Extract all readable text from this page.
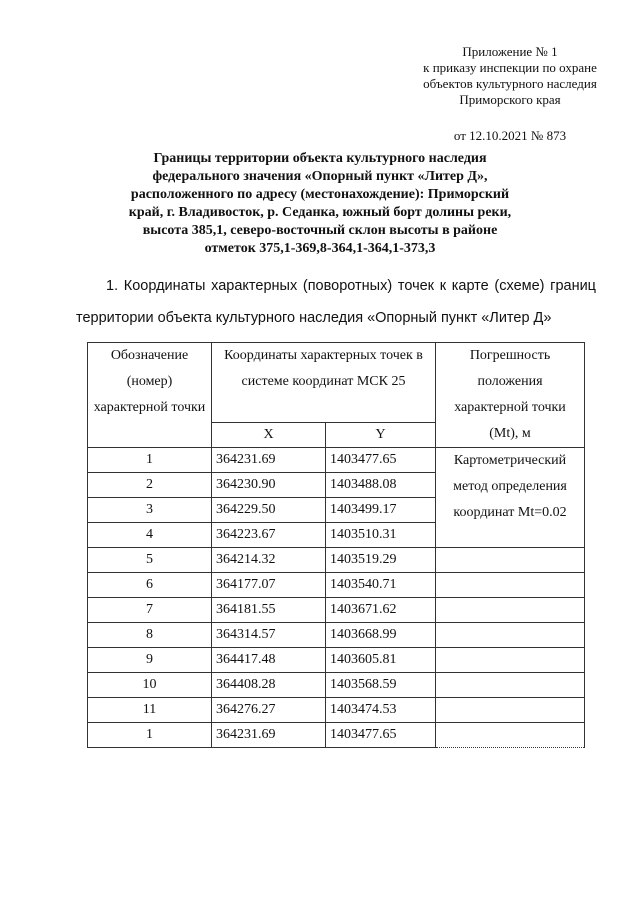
Приложение № 1
к приказу инспекции по охране
объектов культурного наследия
Приморского края
от 12.10.2021 № 873
Границы территории объекта культурного наследия
федерального значения «Опорный пункт «Литер Д»,
расположенного по адресу (местонахождение): Приморский
край, г. Владивосток, р. Седанка, южный борт долины реки,
высота 385,1, северо-восточный склон высоты в районе
отметок 375,1-369,8-364,1-364,1-373,3
1. Координаты характерных (поворотных) точек к карте (схеме) границ
территории объекта культурного наследия «Опорный пункт «Литер Д»
Обозначение (номер) характерной точки	Координаты характерных точек в системе координат МСК 25		Погрешность положения характерной точки (Mt), м
	X	Y	
1	364231.69	1403477.65	Картометрический метод определения координат Mt=0.02
2	364230.90	1403488.08	
3	364229.50	1403499.17	
4	364223.67	1403510.31	
5	364214.32	1403519.29	
6	364177.07	1403540.71	
7	364181.55	1403671.62	
8	364314.57	1403668.99	
9	364417.48	1403605.81	
10	364408.28	1403568.59	
11	364276.27	1403474.53	
1	364231.69	1403477.65	
